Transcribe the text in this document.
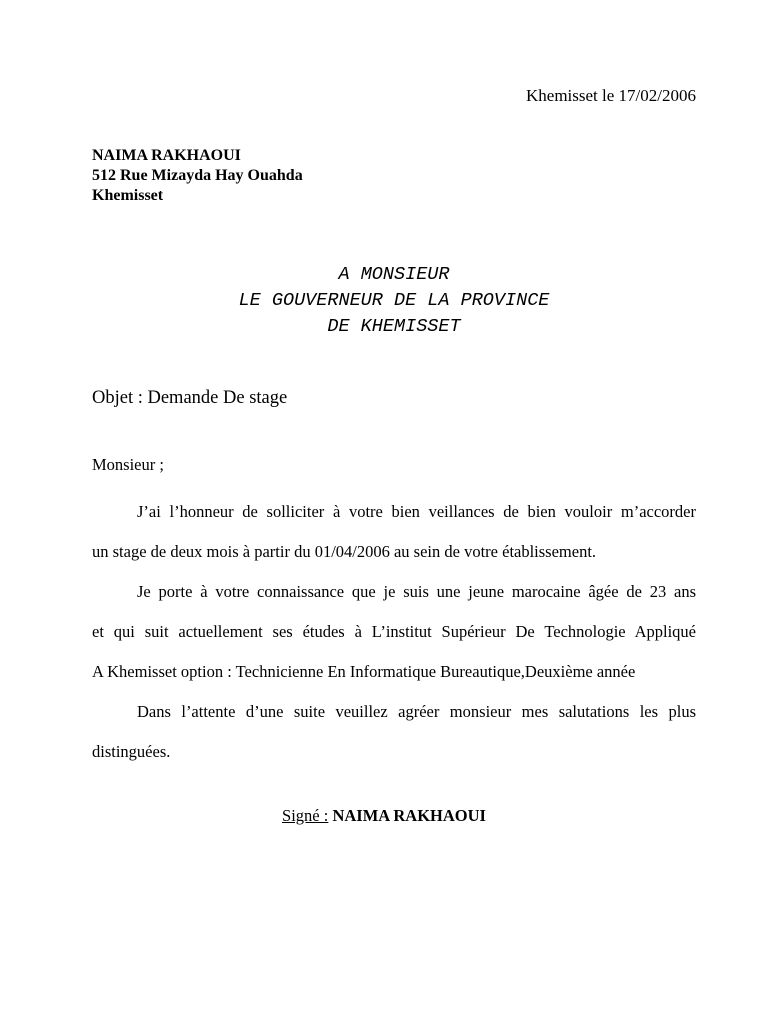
Khemisset le 17/02/2006
NAIMA RAKHAOUI
512 Rue Mizayda Hay Ouahda
Khemisset
A MONSIEUR
LE GOUVERNEUR DE LA PROVINCE
DE KHEMISSET
Objet : Demande De stage
Monsieur ;
J’ai l’honneur de solliciter à votre bien veillances de bien vouloir m’accorder
un stage de deux mois à partir du 01/04/2006 au sein de votre établissement.
Je porte à votre connaissance que je suis une jeune marocaine âgée de 23 ans
et qui suit actuellement ses études à L’institut Supérieur De Technologie Appliqué
A Khemisset option : Technicienne En Informatique Bureautique,Deuxième année
Dans l’attente d’une suite veuillez agréer monsieur mes salutations les plus
distinguées.
Signé : NAIMA RAKHAOUI
